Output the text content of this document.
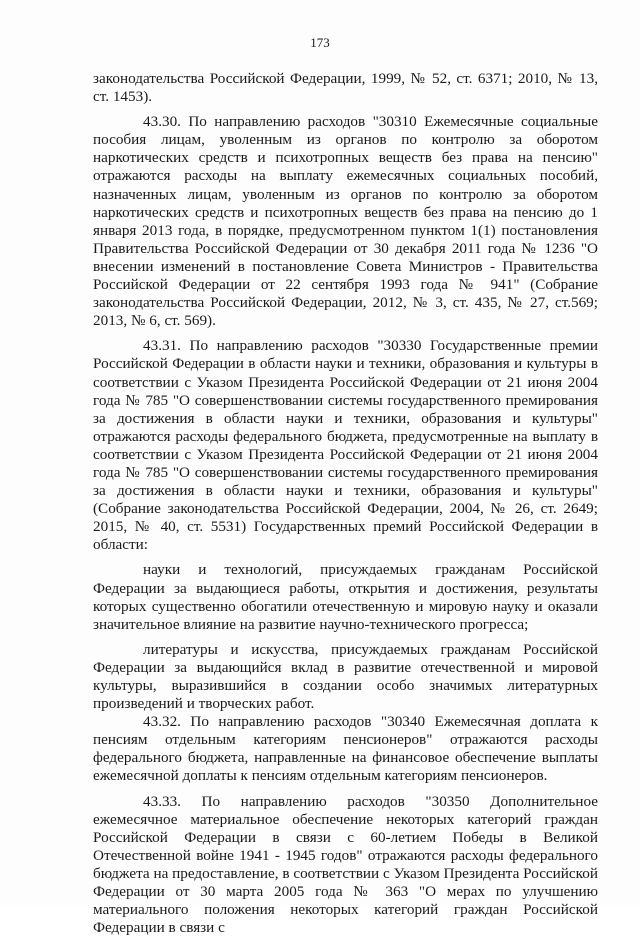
173

законодательства Российской Федерации, 1999, № 52, ст. 6371; 2010, № 13, ст. 1453).

43.30. По направлению расходов "30310 Ежемесячные социальные пособия лицам, уволенным из органов по контролю за оборотом наркотических средств и психотропных веществ без права на пенсию" отражаются расходы на выплату ежемесячных социальных пособий, назначенных лицам, уволенным из органов по контролю за оборотом наркотических средств и психотропных веществ без права на пенсию до 1 января 2013 года, в порядке, предусмотренном пунктом 1(1) постановления Правительства Российской Федерации от 30 декабря 2011 года № 1236 "О внесении изменений в постановление Совета Министров - Правительства Российской Федерации от 22 сентября 1993 года № 941" (Собрание законодательства Российской Федерации, 2012, № 3, ст. 435, № 27, ст.569; 2013, № 6, ст. 569).

43.31. По направлению расходов "30330 Государственные премии Российской Федерации в области науки и техники, образования и культуры в соответствии с Указом Президента Российской Федерации от 21 июня 2004 года № 785 "О совершенствовании системы государственного премирования за достижения в области науки и техники, образования и культуры" отражаются расходы федерального бюджета, предусмотренные на выплату в соответствии с Указом Президента Российской Федерации от 21 июня 2004 года № 785 "О совершенствовании системы государственного премирования за достижения в области науки и техники, образования и культуры" (Собрание законодательства Российской Федерации, 2004, № 26, ст. 2649; 2015, № 40, ст. 5531) Государственных премий Российской Федерации в области:

науки и технологий, присуждаемых гражданам Российской Федерации за выдающиеся работы, открытия и достижения, результаты которых существенно обогатили отечественную и мировую науку и оказали значительное влияние на развитие научно-технического прогресса;

литературы и искусства, присуждаемых гражданам Российской Федерации за выдающийся вклад в развитие отечественной и мировой культуры, выразившийся в создании особо значимых литературных произведений и творческих работ.

43.32. По направлению расходов "30340 Ежемесячная доплата к пенсиям отдельным категориям пенсионеров" отражаются расходы федерального бюджета, направленные на финансовое обеспечение выплаты ежемесячной доплаты к пенсиям отдельным категориям пенсионеров.

43.33. По направлению расходов "30350 Дополнительное ежемесячное материальное обеспечение некоторых категорий граждан Российской Федерации в связи с 60-летием Победы в Великой Отечественной войне 1941 - 1945 годов" отражаются расходы федерального бюджета на предоставление, в соответствии с Указом Президента Российской Федерации от 30 марта 2005 года № 363 "О мерах по улучшению материального положения некоторых категорий граждан Российской Федерации в связи с
